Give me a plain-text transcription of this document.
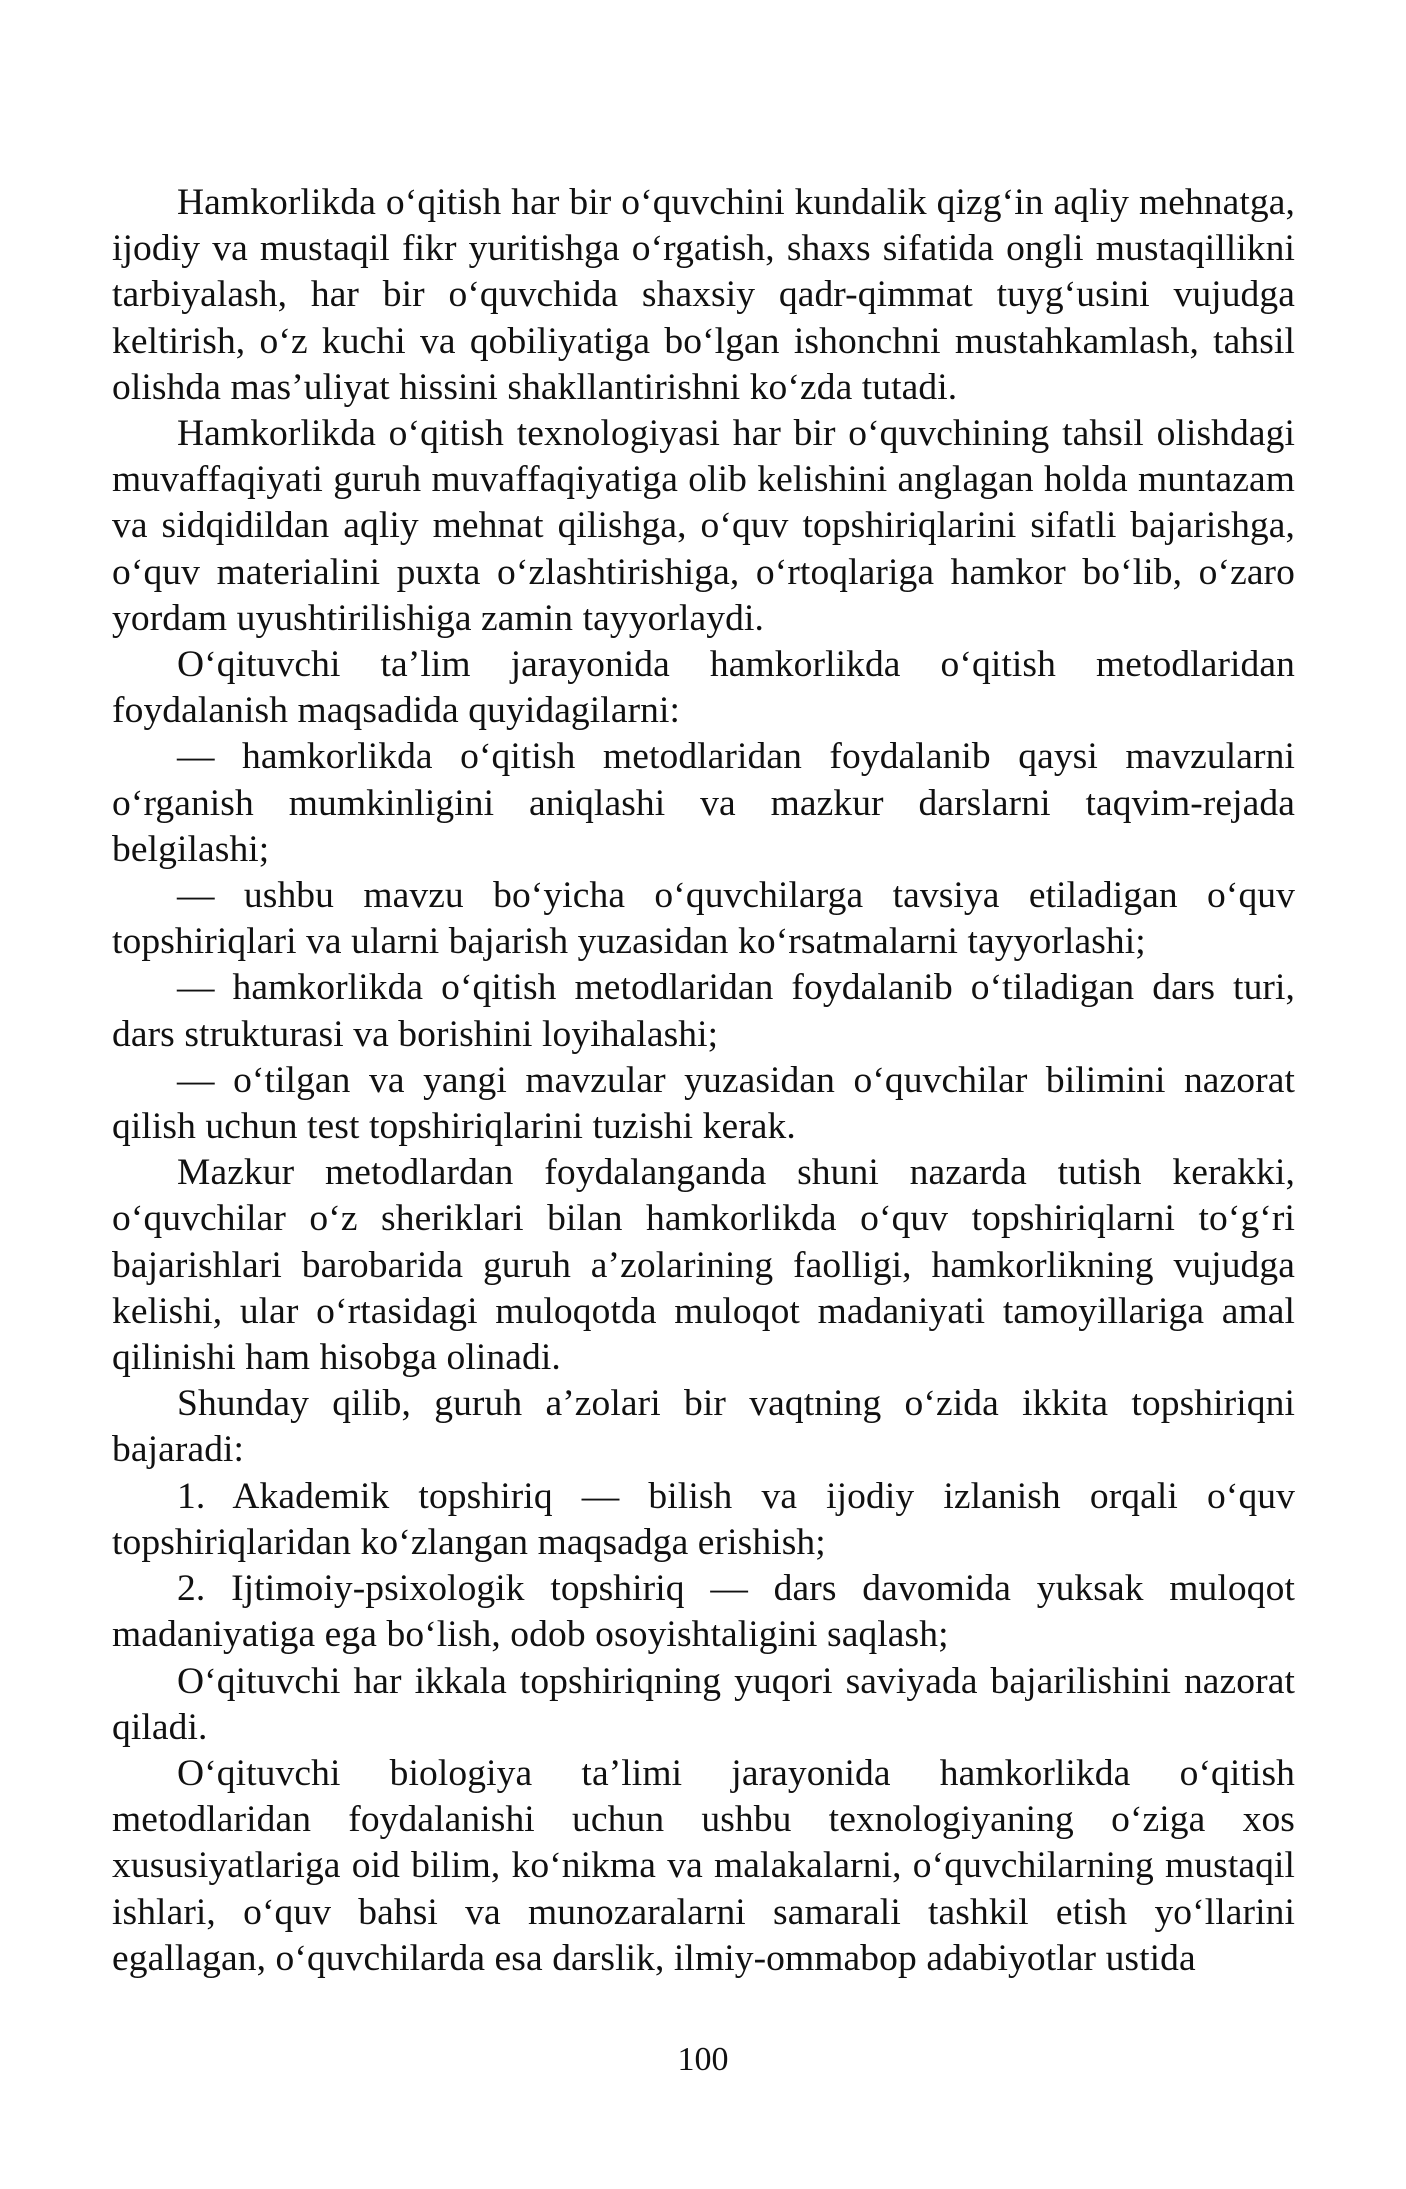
Hamkorlikda o‘qitish har bir o‘quvchini kundalik qizg‘in aqliy mehnatga, ijodiy va mustaqil fikr yuritishga o‘rgatish, shaxs sifatida ongli mustaqillikni tarbiyalash, har bir o‘quvchida shaxsiy qadr-qimmat tuyg‘usini vujudga keltirish, o‘z kuchi va qobiliyatiga bo‘lgan ishonchni mustahkamlash, tahsil olishda mas’uliyat hissini shakllantirishni ko‘zda tutadi.

Hamkorlikda o‘qitish texnologiyasi har bir o‘quvchining tahsil olishdagi muvaffaqiyati guruh muvaffaqiyatiga olib kelishini anglagan holda muntazam va sidqidildan aqliy mehnat qilishga, o‘quv topshiriqlarini sifatli bajarishga, o‘quv materialini puxta o‘zlashtirishiga, o‘rtoqlariga hamkor bo‘lib, o‘zaro yordam uyushtirilishiga zamin tayyorlaydi.

O‘qituvchi ta’lim jarayonida hamkorlikda o‘qitish metodlaridan foydalanish maqsadida quyidagilarni:

— hamkorlikda o‘qitish metodlaridan foydalanib qaysi mavzularni o‘rganish mumkinligini aniqlashi va mazkur darslarni taqvim-rejada belgilashi;

— ushbu mavzu bo‘yicha o‘quvchilarga tavsiya etiladigan o‘quv topshiriqlari va ularni bajarish yuzasidan ko‘rsatmalarni tayyorlashi;

— hamkorlikda o‘qitish metodlaridan foydalanib o‘tiladigan dars turi, dars strukturasi va borishini loyihalashi;

— o‘tilgan va yangi mavzular yuzasidan o‘quvchilar bilimini nazorat qilish uchun test topshiriqlarini tuzishi kerak.

Mazkur metodlardan foydalanganda shuni nazarda tutish kerakki, o‘quvchilar o‘z sheriklari bilan hamkorlikda o‘quv topshiriqlarni to‘g‘ri bajarishlari barobarida guruh a’zolarining faolligi, hamkorlikning vujudga kelishi, ular o‘rtasidagi muloqotda muloqot madaniyati tamoyillariga amal qilinishi ham hisobga olinadi.

Shunday qilib, guruh a’zolari bir vaqtning o‘zida ikkita topshiriqni bajaradi:

1. Akademik topshiriq — bilish va ijodiy izlanish orqali o‘quv topshiriqlaridan ko‘zlangan maqsadga erishish;

2. Ijtimoiy-psixologik topshiriq — dars davomida yuksak muloqot madaniyatiga ega bo‘lish, odob osoyishtaligini saqlash;

O‘qituvchi har ikkala topshiriqning yuqori saviyada bajarilishini nazorat qiladi.

O‘qituvchi biologiya ta’limi jarayonida hamkorlikda o‘qitish metodlaridan foydalanishi uchun ushbu texnologiyaning o‘ziga xos xususiyatlariga oid bilim, ko‘nikma va malakalarni, o‘quvchilarning mustaqil ishlari, o‘quv bahsi va munozaralarni samarali tashkil etish yo‘llarini egallagan, o‘quvchilarda esa darslik, ilmiy-ommabop adabiyotlar ustida

100
